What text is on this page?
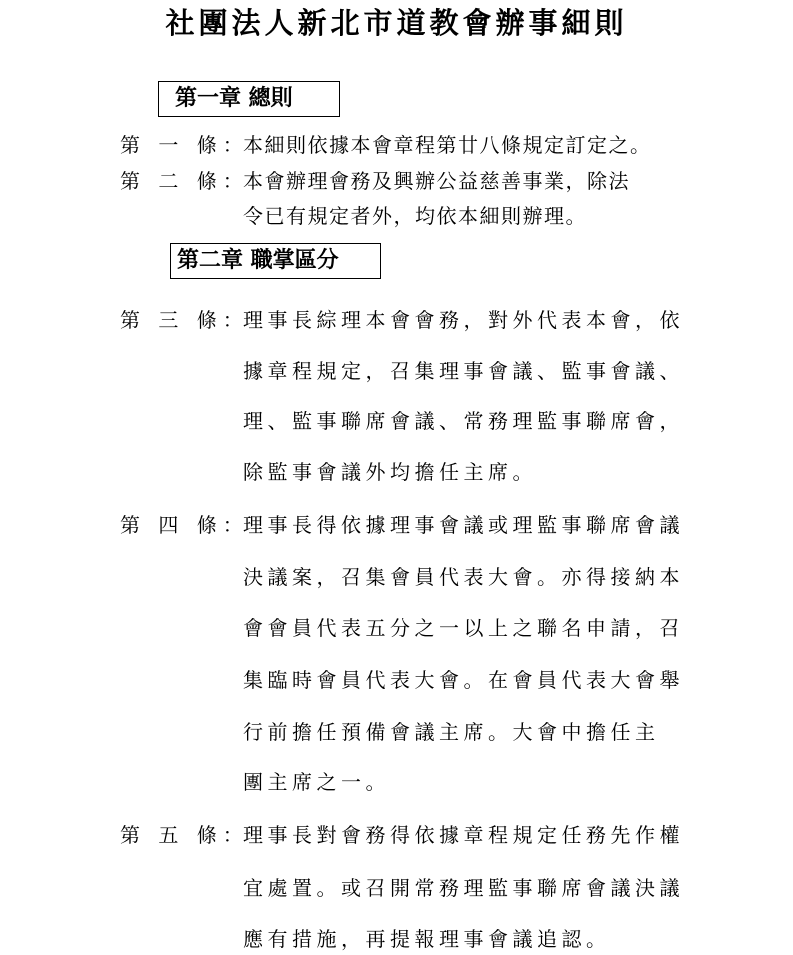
社團法人新北市道教會辦事細則
第一章 總則
第 一 條：
本細則依據本會章程第廿八條規定訂定之。
第 二 條：
本會辦理會務及興辦公益慈善事業，除法
令已有規定者外，均依本細則辦理。
第二章 職掌區分
第 三 條：
理事長綜理本會會務，對外代表本會，依
據章程規定，召集理事會議、監事會議、
理、監事聯席會議、常務理監事聯席會，
除監事會議外均擔任主席。
第 四 條：
理事長得依據理事會議或理監事聯席會議
決議案，召集會員代表大會。亦得接納本
會會員代表五分之一以上之聯名申請，召
集臨時會員代表大會。在會員代表大會舉
行前擔任預備會議主席。大會中擔任主
團主席之一。
第 五 條：
理事長對會務得依據章程規定任務先作權
宜處置。或召開常務理監事聯席會議決議
應有措施，再提報理事會議追認。
